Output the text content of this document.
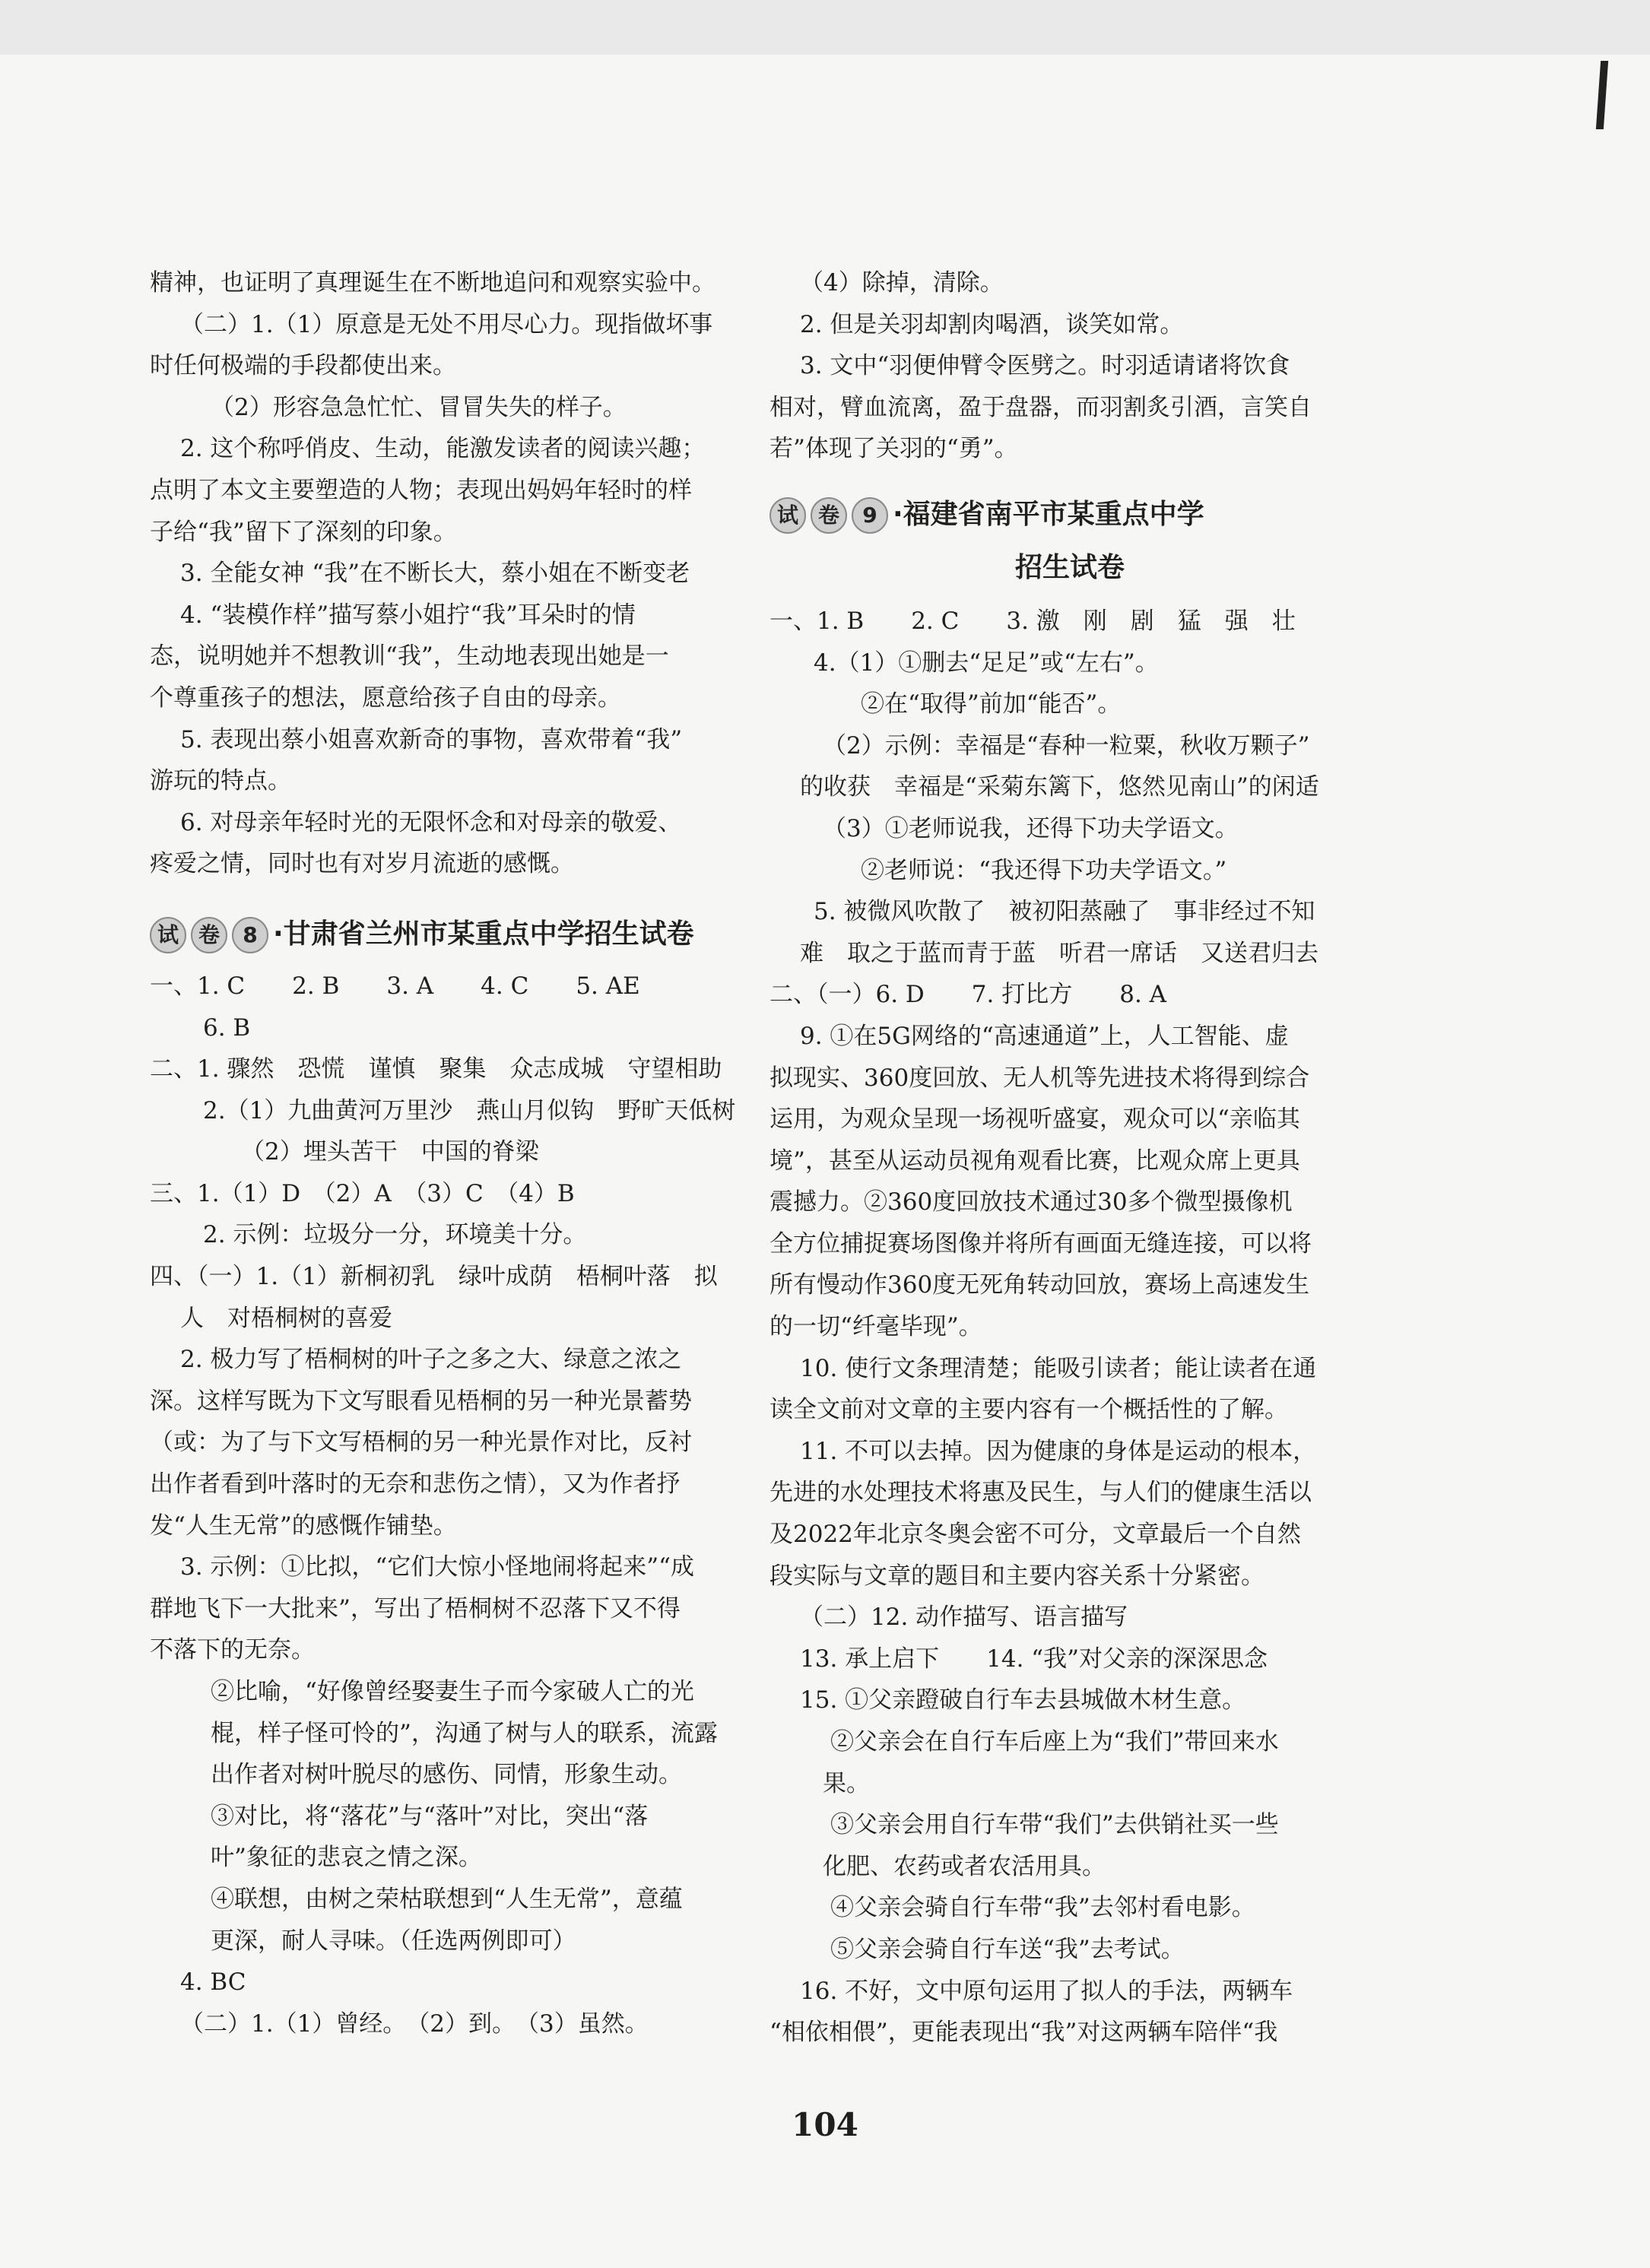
精神，也证明了真理诞生在不断地追问和观察实验中。
（二）1.（1）原意是无处不用尽心力。现指做坏事
时任何极端的手段都使出来。
（2）形容急急忙忙、冒冒失失的样子。
2. 这个称呼俏皮、生动，能激发读者的阅读兴趣；
点明了本文主要塑造的人物；表现出妈妈年轻时的样
子给“我”留下了深刻的印象。
3. 全能女神 “我”在不断长大，蔡小姐在不断变老
4. “装模作样”描写蔡小姐拧“我”耳朵时的情
态，说明她并不想教训“我”，生动地表现出她是一
个尊重孩子的想法，愿意给孩子自由的母亲。
5. 表现出蔡小姐喜欢新奇的事物，喜欢带着“我”
游玩的特点。
6. 对母亲年轻时光的无限怀念和对母亲的敬爱、
疼爱之情，同时也有对岁月流逝的感慨。
试 卷 8 ·甘肃省兰州市某重点中学招生试卷
一、1. C　　2. B　　3. A　　4. C　　5. AE
6. B
二、1. 骤然　恐慌　谨慎　聚集　众志成城　守望相助
2.（1）九曲黄河万里沙　燕山月似钩　野旷天低树
（2）埋头苦干　中国的脊梁
三、1.（1）D　（2）A　（3）C　（4）B
2. 示例：垃圾分一分，环境美十分。
四、（一）1.（1）新桐初乳　绿叶成荫　梧桐叶落　拟
人　对梧桐树的喜爱
2. 极力写了梧桐树的叶子之多之大、绿意之浓之
深。这样写既为下文写眼看见梧桐的另一种光景蓄势
（或：为了与下文写梧桐的另一种光景作对比，反衬
出作者看到叶落时的无奈和悲伤之情），又为作者抒
发“人生无常”的感慨作铺垫。
3. 示例：①比拟，“它们大惊小怪地闹将起来”“成
群地飞下一大批来”，写出了梧桐树不忍落下又不得
不落下的无奈。
②比喻，“好像曾经娶妻生子而今家破人亡的光
棍，样子怪可怜的”，沟通了树与人的联系，流露
出作者对树叶脱尽的感伤、同情，形象生动。
③对比，将“落花”与“落叶”对比，突出“落
叶”象征的悲哀之情之深。
④联想，由树之荣枯联想到“人生无常”，意蕴
更深，耐人寻味。（任选两例即可）
4. BC
（二）1.（1）曾经。　（2）到。　（3）虽然。
（4）除掉，清除。
2. 但是关羽却割肉喝酒，谈笑如常。
3. 文中“羽便伸臂令医劈之。时羽适请诸将饮食
相对，臂血流离，盈于盘器，而羽割炙引酒，言笑自
若”体现了关羽的“勇”。
试 卷 9 ·福建省南平市某重点中学
招生试卷
一、1. B　　2. C　　3. 激　刚　剧　猛　强　壮
4.（1）①删去“足足”或“左右”。
②在“取得”前加“能否”。
（2）示例：幸福是“春种一粒粟，秋收万颗子”
的收获　幸福是“采菊东篱下，悠然见南山”的闲适
（3）①老师说我，还得下功夫学语文。
②老师说：“我还得下功夫学语文。”
5. 被微风吹散了　被初阳蒸融了　事非经过不知
难　取之于蓝而青于蓝　听君一席话　又送君归去
二、（一）6. D　　7. 打比方　　8. A
9. ①在5G网络的“高速通道”上，人工智能、虚
拟现实、360度回放、无人机等先进技术将得到综合
运用，为观众呈现一场视听盛宴，观众可以“亲临其
境”，甚至从运动员视角观看比赛，比观众席上更具
震撼力。②360度回放技术通过30多个微型摄像机
全方位捕捉赛场图像并将所有画面无缝连接，可以将
所有慢动作360度无死角转动回放，赛场上高速发生
的一切“纤毫毕现”。
10. 使行文条理清楚；能吸引读者；能让读者在通
读全文前对文章的主要内容有一个概括性的了解。
11. 不可以去掉。因为健康的身体是运动的根本，
先进的水处理技术将惠及民生，与人们的健康生活以
及2022年北京冬奥会密不可分，文章最后一个自然
段实际与文章的题目和主要内容关系十分紧密。
（二）12. 动作描写、语言描写
13. 承上启下　　14. “我”对父亲的深深思念
15. ①父亲蹬破自行车去县城做木材生意。
②父亲会在自行车后座上为“我们”带回来水
果。
③父亲会用自行车带“我们”去供销社买一些
化肥、农药或者农活用具。
④父亲会骑自行车带“我”去邻村看电影。
⑤父亲会骑自行车送“我”去考试。
16. 不好，文中原句运用了拟人的手法，两辆车
“相依相偎”，更能表现出“我”对这两辆车陪伴“我
104
